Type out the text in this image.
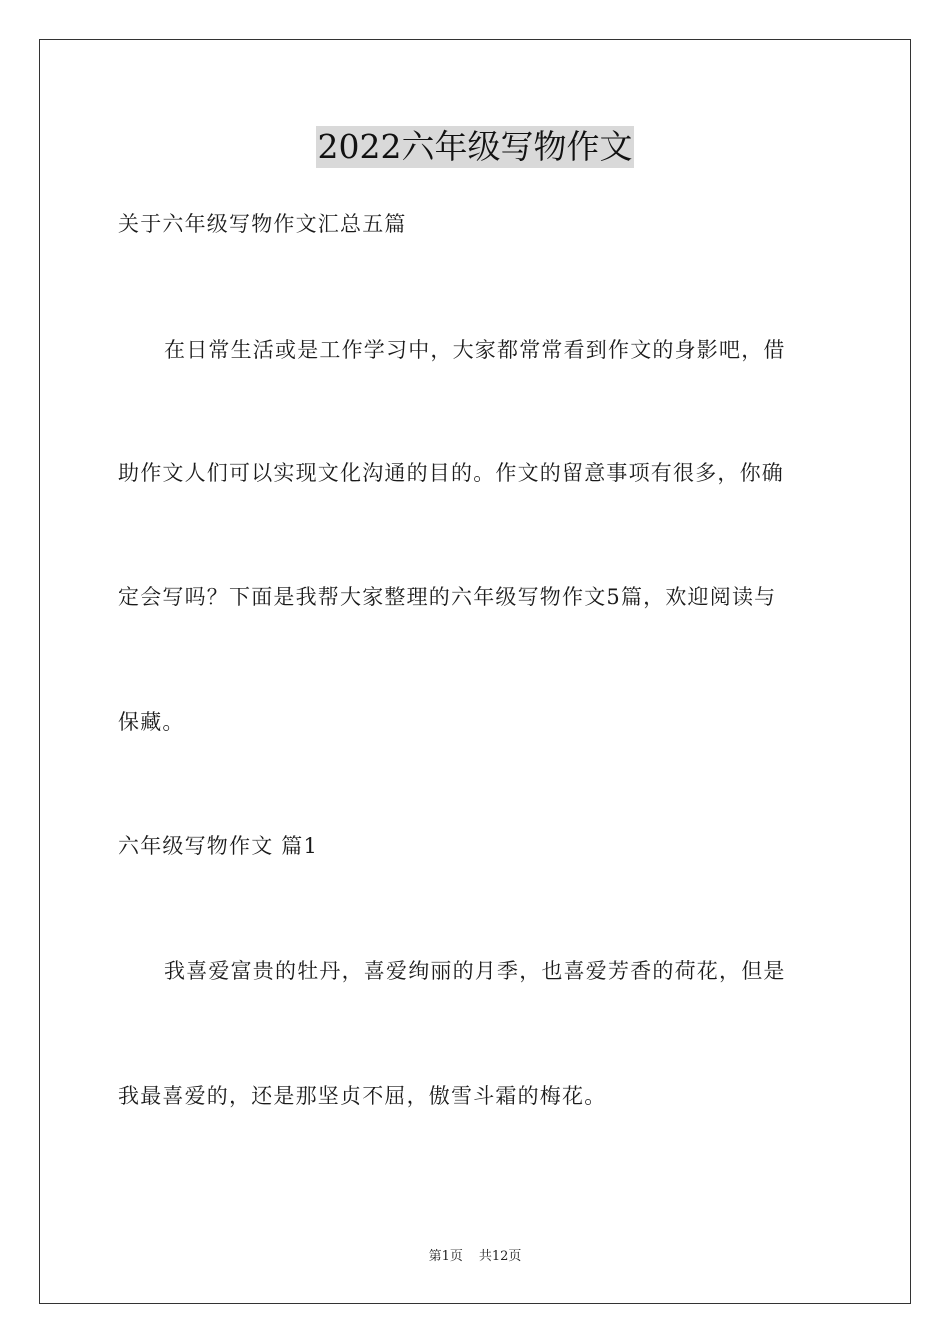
2022六年级写物作文
关于六年级写物作文汇总五篇
在日常生活或是工作学习中，大家都常常看到作文的身影吧，借
助作文人们可以实现文化沟通的目的。作文的留意事项有很多，你确
定会写吗？下面是我帮大家整理的六年级写物作文5篇，欢迎阅读与
保藏。
六年级写物作文 篇1
我喜爱富贵的牡丹，喜爱绚丽的月季，也喜爱芳香的荷花，但是
我最喜爱的，还是那坚贞不屈，傲雪斗霜的梅花。
第1页 共12页
